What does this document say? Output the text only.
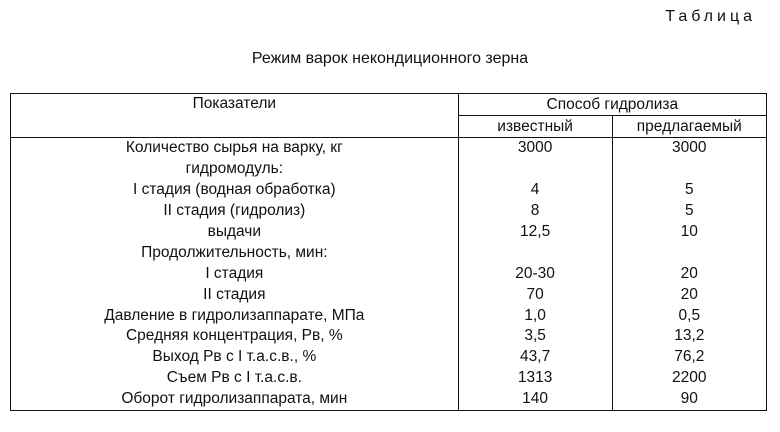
Таблица
Режим варок некондиционного зерна
Показатели	Способ гидролиза	
	известный	предлагаемый
Количество сырья на варку, кг	3000	3000
гидромодуль:		
I стадия (водная обработка)	4	5
II стадия (гидролиз)	8	5
выдачи	12,5	10
Продолжительность, мин:		
I стадия	20-30	20
II стадия	70	20
Давление в гидролизаппарате, МПа	1,0	0,5
Средняя концентрация, Рв, %	3,5	13,2
Выход Рв с I т.а.с.в., %	43,7	76,2
Съем Рв с I т.а.с.в.	1313	2200
Оборот гидролизаппарата, мин	140	90
